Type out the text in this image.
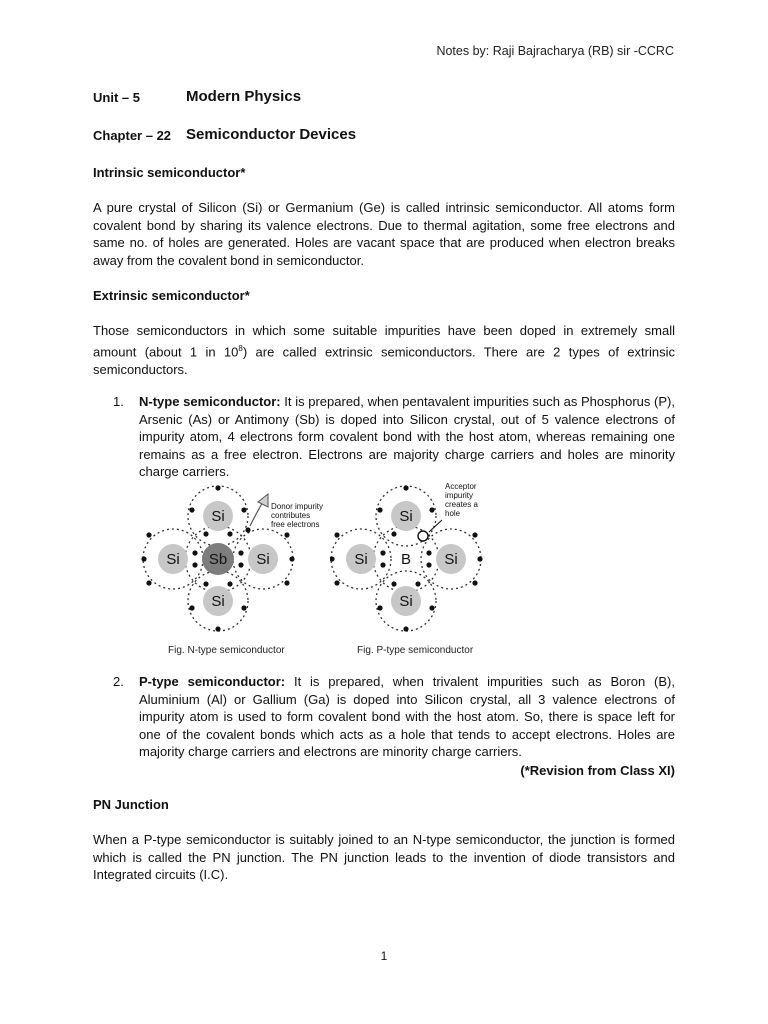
Notes by: Raji Bajracharya (RB) sir -CCRC
Unit – 5	Modern Physics
Chapter – 22 Semiconductor Devices
Intrinsic semiconductor*
A pure crystal of Silicon (Si) or Germanium (Ge) is called intrinsic semiconductor. All atoms form covalent bond by sharing its valence electrons. Due to thermal agitation, some free electrons and same no. of holes are generated. Holes are vacant space that are produced when electron breaks away from the covalent bond in semiconductor.
Extrinsic semiconductor*
Those semiconductors in which some suitable impurities have been doped in extremely small amount (about 1 in $10^8$) are called extrinsic semiconductors. There are 2 types of extrinsic semiconductors.
1. N-type semiconductor: It is prepared, when pentavalent impurities such as Phosphorus (P), Arsenic (As) or Antimony (Sb) is doped into Silicon crystal, out of 5 valence electrons of impurity atom, 4 electrons form covalent bond with the host atom, whereas remaining one remains as a free electron. Electrons are majority charge carriers and holes are minority charge carriers.
Si
Si Sb Si
Si
Donor impurity
contributes
free electrons	Si
Si B Si
Si
Acceptor
impurity
creates a
hole
Fig. N-type semiconductor	Fig. P-type semiconductor
2. P-type semiconductor: It is prepared, when trivalent impurities such as Boron (B), Aluminium (Al) or Gallium (Ga) is doped into Silicon crystal, all 3 valence electrons of impurity atom is used to form covalent bond with the host atom. So, there is space left for one of the covalent bonds which acts as a hole that tends to accept electrons. Holes are majority charge carriers and electrons are minority charge carriers.
(*Revision from Class XI)
PN Junction
When a P-type semiconductor is suitably joined to an N-type semiconductor, the junction is formed which is called the PN junction. The PN junction leads to the invention of diode transistors and Integrated circuits (I.C).
1
